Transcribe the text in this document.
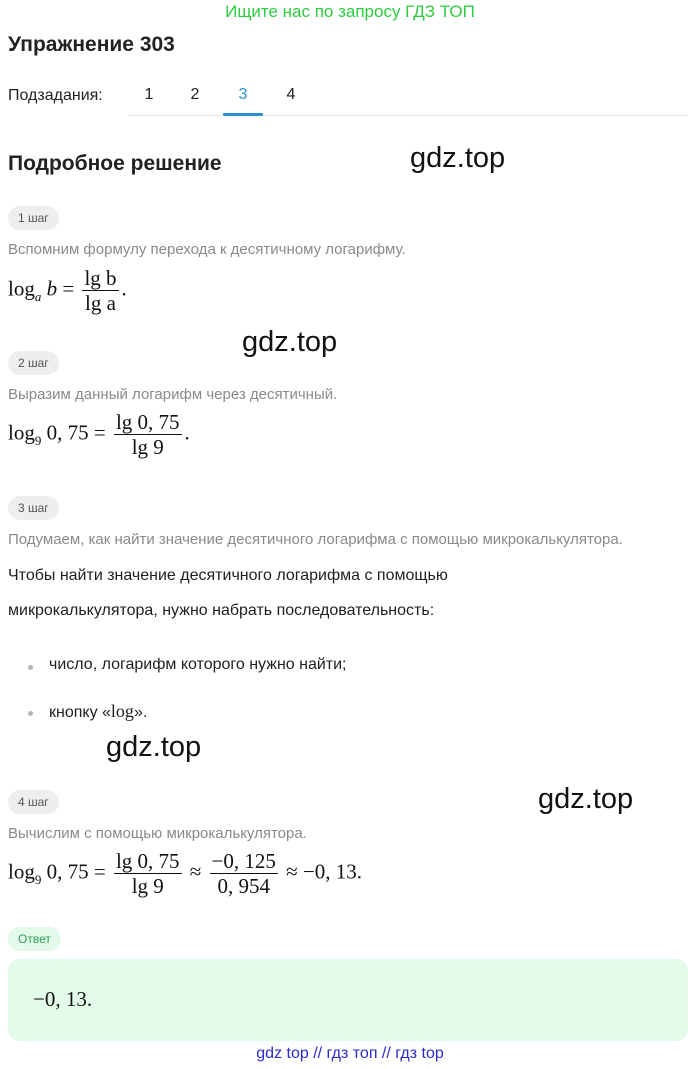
Ищите нас по запросу ГДЗ ТОП
Упражнение 303
Подзадания:	1	2	3	4
Подробное решение	gdz.top
gdz.top
gdz.top
gdz.top
1 шаг
Вспомним формулу перехода к десятичному логарифму.
$\log_a b = \frac{\text{lg b}}{\text{lg a}}$ .
2 шаг
Выразим данный логарифм через десятичный.
$\log_9 0$, $75 = \frac{\lg 0, 75}{\lg 9}$ .
3 шаг
Подумаем, как найти значение десятичного логарифма с помощью микрокалькулятора.
Чтобы найти значение десятичного логарифма с помощью
микрокалькулятора, нужно набрать последовательность:
число, логарифм которого нужно найти;
кнопку «log».
4 шаг
Вычислим с помощью микрокалькулятора.
$\log_9 0$, $75 = \frac{\lg 0, 75}{\lg 9} \approx \frac{-0, 125}{0, 954} \approx -0$, 13.
Ответ
−0, 13.
gdz top // гдз топ // гдз top
